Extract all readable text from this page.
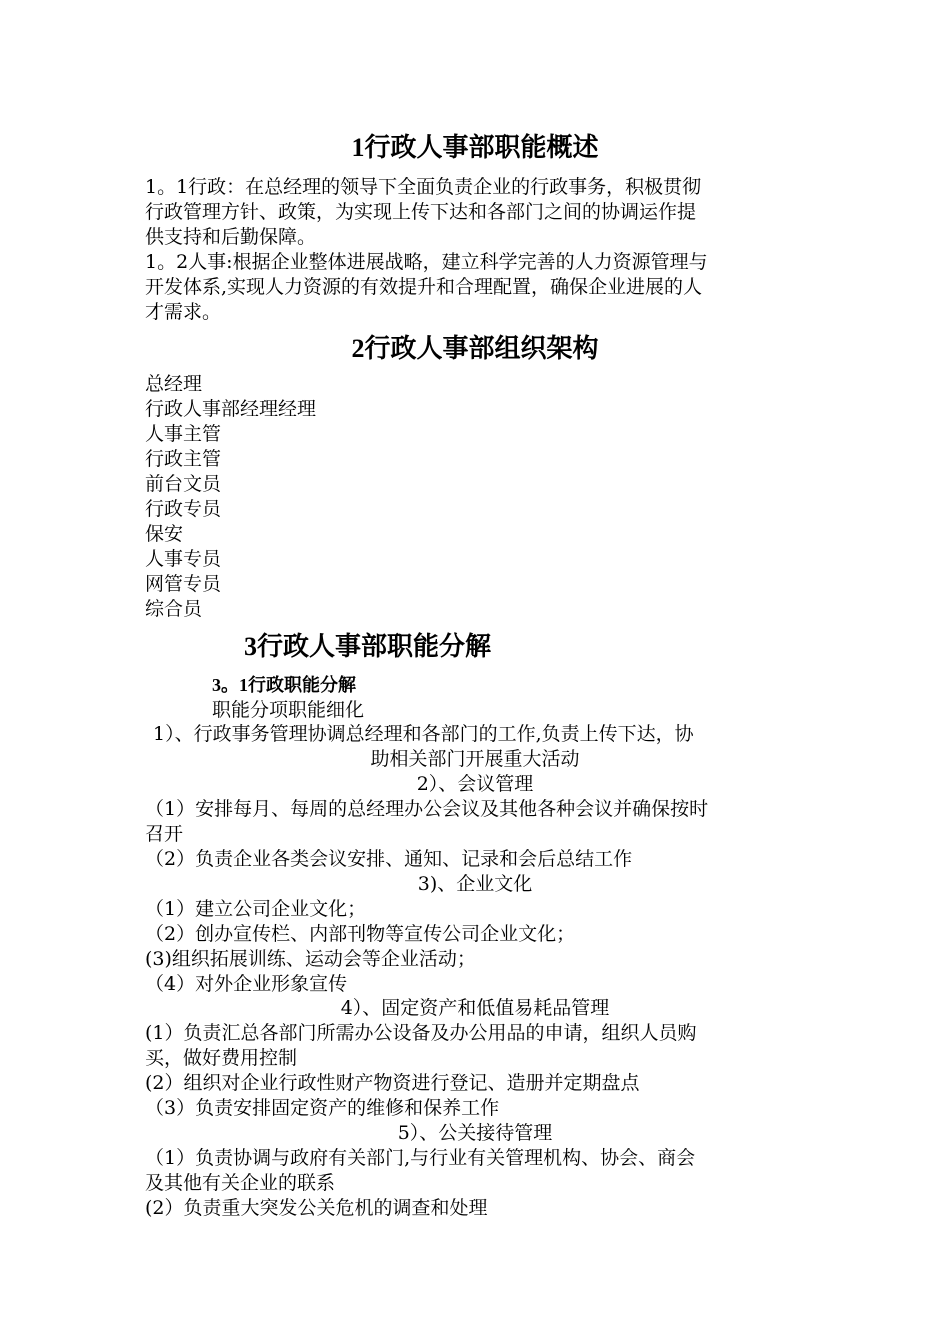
1行政人事部职能概述
1。1行政：在总经理的领导下全面负责企业的行政事务，积极贯彻
行政管理方针、政策，为实现上传下达和各部门之间的协调运作提
供支持和后勤保障。
1。2人事:根据企业整体进展战略，建立科学完善的人力资源管理与
开发体系,实现人力资源的有效提升和合理配置，确保企业进展的人
才需求。
2行政人事部组织架构
总经理
行政人事部经理经理
人事主管
行政主管
前台文员
行政专员
保安
人事专员
网管专员
综合员
3行政人事部职能分解
3。1行政职能分解
职能分项职能细化
1）、行政事务管理协调总经理和各部门的工作,负责上传下达，协
助相关部门开展重大活动
2）、会议管理
（1）安排每月、每周的总经理办公会议及其他各种会议并确保按时
召开
（2）负责企业各类会议安排、通知、记录和会后总结工作
3)、企业文化
（1）建立公司企业文化；
（2）创办宣传栏、内部刊物等宣传公司企业文化；
(3)组织拓展训练、运动会等企业活动；
（4）对外企业形象宣传
4）、固定资产和低值易耗品管理
(1）负责汇总各部门所需办公设备及办公用品的申请，组织人员购
买，做好费用控制
(2）组织对企业行政性财产物资进行登记、造册并定期盘点
（3）负责安排固定资产的维修和保养工作
5）、公关接待管理
（1）负责协调与政府有关部门,与行业有关管理机构、协会、商会
及其他有关企业的联系
(2）负责重大突发公关危机的调查和处理
